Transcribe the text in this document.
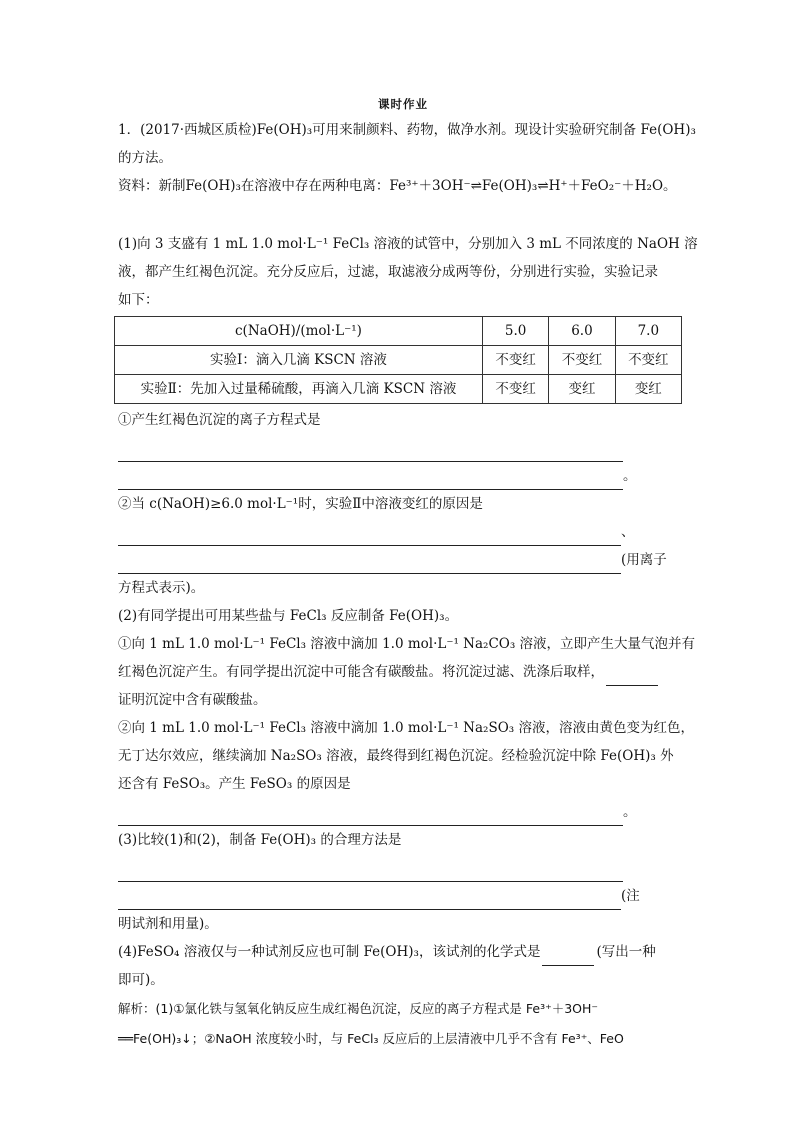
课时作业
1．(2017·西城区质检)Fe(OH)₃可用来制颜料、药物，做净水剂。现设计实验研究制备 Fe(OH)₃
的方法。
资料：新制Fe(OH)₃在溶液中存在两种电离：Fe³⁺＋3OH⁻⇌Fe(OH)₃⇌H⁺＋FeO₂⁻＋H₂O。
(1)向 3 支盛有 1 mL 1.0 mol·L⁻¹ FeCl₃ 溶液的试管中，分别加入 3 mL 不同浓度的 NaOH 溶
液，都产生红褐色沉淀。充分反应后，过滤，取滤液分成两等份，分别进行实验，实验记录
如下：
c(NaOH)/(mol·L⁻¹)	5.0	6.0	7.0
实验Ⅰ：滴入几滴 KSCN 溶液	不变红	不变红	不变红
实验Ⅱ：先加入过量稀硫酸，再滴入几滴 KSCN 溶液	不变红	变红	变红
①产生红褐色沉淀的离子方程式是
。
②当 c(NaOH)≥6.0 mol·L⁻¹时，实验Ⅱ中溶液变红的原因是
、
(用离子
方程式表示)。
(2)有同学提出可用某些盐与 FeCl₃ 反应制备 Fe(OH)₃。
①向 1 mL 1.0 mol·L⁻¹ FeCl₃ 溶液中滴加 1.0 mol·L⁻¹ Na₂CO₃ 溶液，立即产生大量气泡并有
红褐色沉淀产生。有同学提出沉淀中可能含有碳酸盐。将沉淀过滤、洗涤后取样，
证明沉淀中含有碳酸盐。
②向 1 mL 1.0 mol·L⁻¹ FeCl₃ 溶液中滴加 1.0 mol·L⁻¹ Na₂SO₃ 溶液，溶液由黄色变为红色，
无丁达尔效应，继续滴加 Na₂SO₃ 溶液，最终得到红褐色沉淀。经检验沉淀中除 Fe(OH)₃ 外
还含有 FeSO₃。产生 FeSO₃ 的原因是
。
(3)比较(1)和(2)，制备 Fe(OH)₃ 的合理方法是
(注
明试剂和用量)。
(4)FeSO₄ 溶液仅与一种试剂反应也可制 Fe(OH)₃，该试剂的化学式是	(写出一种
即可)。
解析：(1)①氯化铁与氢氧化钠反应生成红褐色沉淀，反应的离子方程式是 Fe³⁺＋3OH⁻
══Fe(OH)₃↓；②NaOH 浓度较小时，与 FeCl₃ 反应后的上层清液中几乎不含有 Fe³⁺、FeO
